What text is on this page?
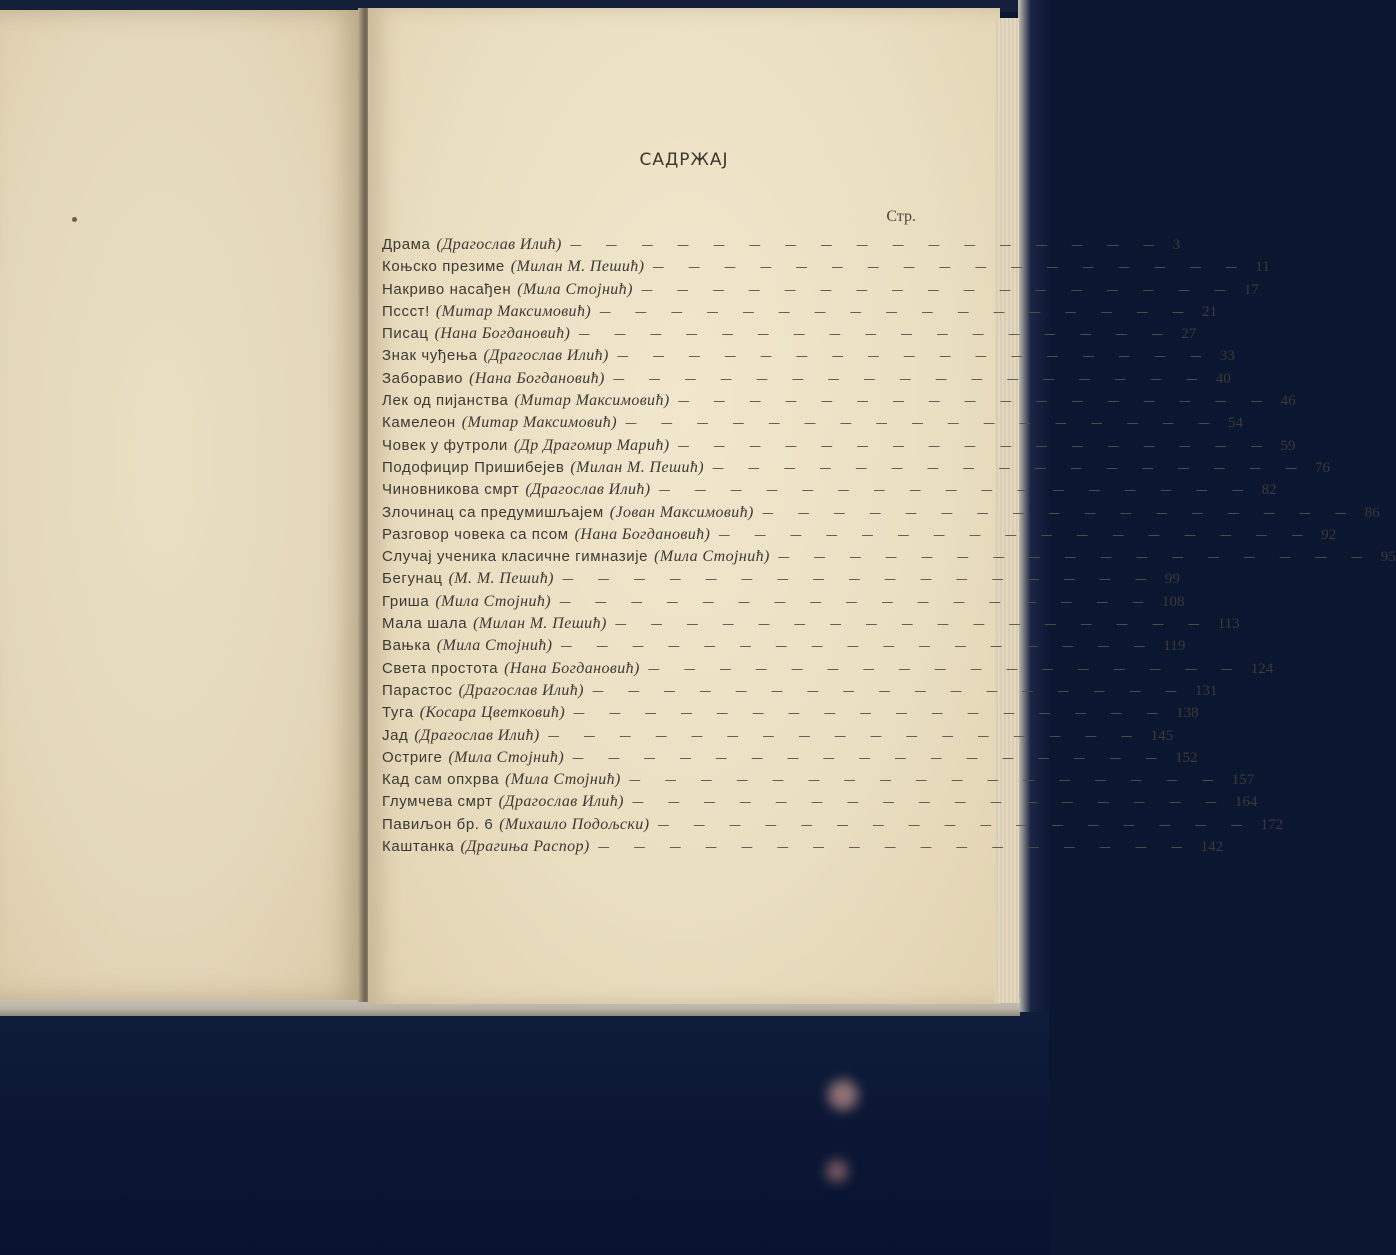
САДРЖАЈ
Стр.
Драма (Драгослав Илић) — — — — — — — — — — — — — — — — — 3
Коњско презиме (Милан М. Пешић) — — — — — — — — — — — — — — — — — 11
Накриво насађен (Мила Стојнић) — — — — — — — — — — — — — — — — — 17
Пссст! (Митар Максимовић) — — — — — — — — — — — — — — — — — 21
Писац (Нана Богдановић) — — — — — — — — — — — — — — — — — 27
Знак чуђења (Драгослав Илић) — — — — — — — — — — — — — — — — — 33
Заборавио (Нана Богдановић) — — — — — — — — — — — — — — — — — 40
Лек од пијанства (Митар Максимовић) — — — — — — — — — — — — — — — — — 46
Камелеон (Митар Максимовић) — — — — — — — — — — — — — — — — — 54
Човек у футроли (Др Драгомир Марић) — — — — — — — — — — — — — — — — — 59
Подофицир Пришибејев (Милан М. Пешић) — — — — — — — — — — — — — — — — — 76
Чиновникова смрт (Драгослав Илић) — — — — — — — — — — — — — — — — — 82
Злочинац са предумишљајем (Јован Максимовић) — — — — — — — — — — — — — — — — — 86
Разговор човека са псом (Нана Богдановић) — — — — — — — — — — — — — — — — — 92
Случај ученика класичне гимназије (Мила Стојнић) — — — — — — — — — — — — — — — — — 95
Бегунац (М. М. Пешић) — — — — — — — — — — — — — — — — — 99
Гриша (Мила Стојнић) — — — — — — — — — — — — — — — — — 108
Мала шала (Милан М. Пешић) — — — — — — — — — — — — — — — — — 113
Вањка (Мила Стојнић) — — — — — — — — — — — — — — — — — 119
Света простота (Нана Богдановић) — — — — — — — — — — — — — — — — — 124
Парастос (Драгослав Илић) — — — — — — — — — — — — — — — — — 131
Туга (Косара Цветковић) — — — — — — — — — — — — — — — — — 138
Јад (Драгослав Илић) — — — — — — — — — — — — — — — — — 145
Остриге (Мила Стојнић) — — — — — — — — — — — — — — — — — 152
Кад сам опхрва (Мила Стојнић) — — — — — — — — — — — — — — — — — 157
Глумчева смрт (Драгослав Илић) — — — — — — — — — — — — — — — — — 164
Павиљон бр. 6 (Михаило Подољски) — — — — — — — — — — — — — — — — — 172
Каштанка (Драгиња Распор) — — — — — — — — — — — — — — — — — 142
